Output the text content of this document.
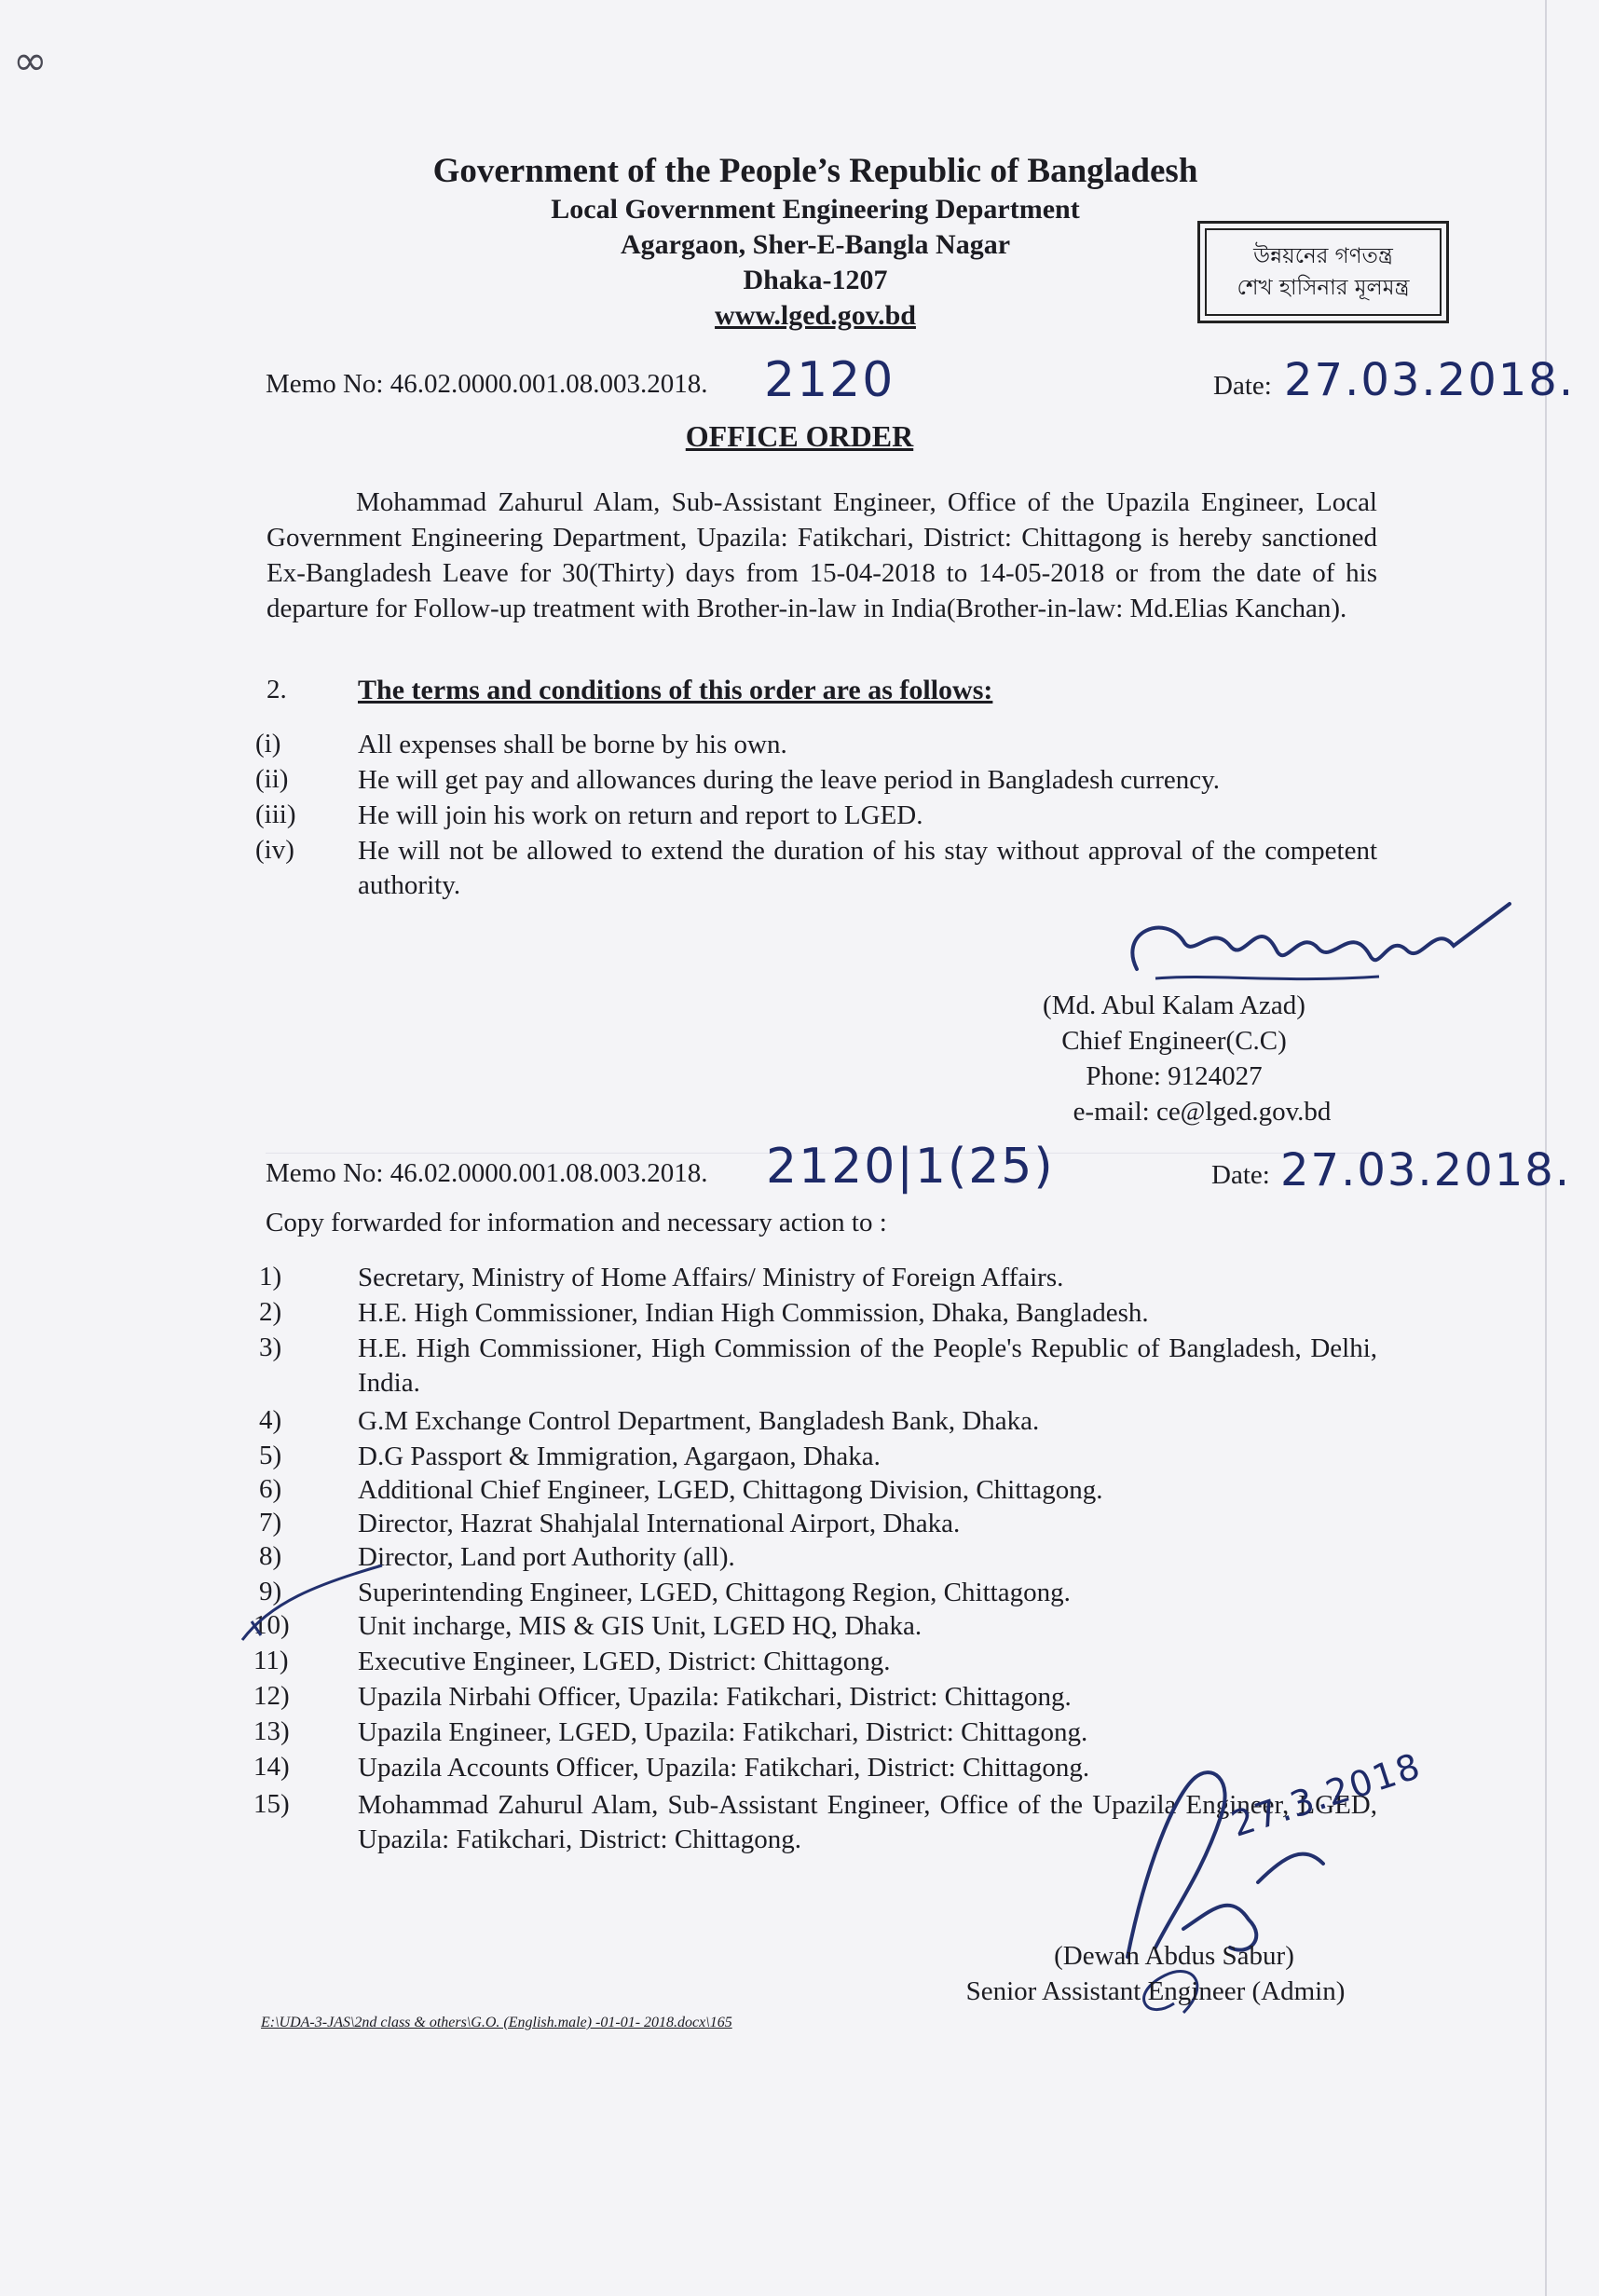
∞
Government of the People’s Republic of Bangladesh
Local Government Engineering Department
Agargaon, Sher-E-Bangla Nagar
Dhaka-1207
www.lged.gov.bd
উন্নয়নের গণতন্ত্র
শেখ হাসিনার মূলমন্ত্র
Memo No: 46.02.0000.001.08.003.2018. 2120	Date: 27.03.2018.
OFFICE ORDER
Mohammad Zahurul Alam, Sub-Assistant Engineer, Office of the Upazila Engineer, Local Government Engineering Department, Upazila: Fatikchari, District: Chittagong is hereby sanctioned Ex-Bangladesh Leave for 30(Thirty) days from 15-04-2018 to 14-05-2018 or from the date of his departure for Follow-up treatment with Brother-in-law in India(Brother-in-law: Md.Elias Kanchan).
2.	The terms and conditions of this order are as follows:
(i)	All expenses shall be borne by his own.
(ii)	He will get pay and allowances during the leave period in Bangladesh currency.
(iii) He will join his work on return and report to LGED.
(iv) He will not be allowed to extend the duration of his stay without approval of the competent authority.
(Md. Abul Kalam Azad)
Chief Engineer(C.C)
Phone: 9124027
e-mail: ce@lged.gov.bd
Memo No: 46.02.0000.001.08.003.2018. 2120|1(25)	Date: 27.03.2018.
Copy forwarded for information and necessary action to :
1)	Secretary, Ministry of Home Affairs/ Ministry of Foreign Affairs.
2)	H.E. High Commissioner, Indian High Commission, Dhaka, Bangladesh.
3)	H.E. High Commissioner, High Commission of the People's Republic of Bangladesh, Delhi, India.
4)	G.M Exchange Control Department, Bangladesh Bank, Dhaka.
5)	D.G Passport & Immigration, Agargaon, Dhaka.
6)	Additional Chief Engineer, LGED, Chittagong Division, Chittagong.
7)	Director, Hazrat Shahjalal International Airport, Dhaka.
8)	Director, Land port Authority (all).
9)	Superintending Engineer, LGED, Chittagong Region, Chittagong.
10)	Unit incharge, MIS & GIS Unit, LGED HQ, Dhaka.
11)	Executive Engineer, LGED, District: Chittagong.
12)	Upazila Nirbahi Officer, Upazila: Fatikchari, District: Chittagong.
13)	Upazila Engineer, LGED, Upazila: Fatikchari, District: Chittagong.
14)	Upazila Accounts Officer, Upazila: Fatikchari, District: Chittagong.
15)	Mohammad Zahurul Alam, Sub-Assistant Engineer, Office of the Upazila Engineer, LGED, Upazila: Fatikchari, District: Chittagong.	27.3.2018
(Dewan Abdus Sabur)
Senior Assistant Engineer (Admin)
E:\UDA-3-JAS\2nd class & others\G.O. (English.male) -01-01- 2018.docx\165
